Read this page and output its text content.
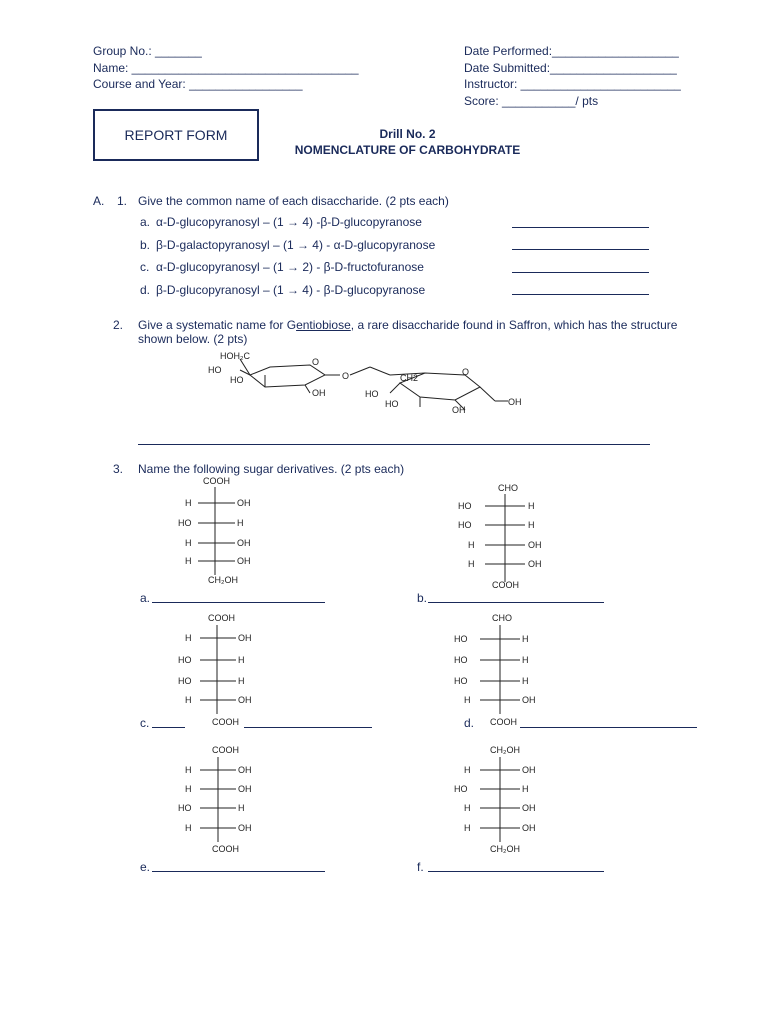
Group No.: _______
Name: __________________________________
Course and Year: _________________
Date Performed:___________________
Date Submitted:___________________
Instructor: ________________________
Score: ___________/ pts
REPORT FORM	Drill No. 2
NOMENCLATURE OF CARBOHYDRATE
A. 1. Give the common name of each disaccharide. (2 pts each)
a. α-D-glucopyranosyl – (1 → 4) -β-D-glucopyranose
b. β-D-galactopyranosyl – (1 → 4) - α-D-glucopyranose
c. α-D-glucopyranosyl – (1 → 2) - β-D-fructofuranose
d. β-D-glucopyranosyl – (1 → 4) - β-D-glucopyranose
2. Give a systematic name for Gentiobiose, a rare disaccharide found in Saffron, which has the structure
shown below. (2 pts)
HOH₂C
HO
HO
O
OH
O	CH2
O
HO
HO
OH
OH
3. Name the following sugar derivatives. (2 pts each)
COOH
H	OH
HO	H
H	OH
H	OH
CH₂OH
a.
CHO
HO	H
HO	H
H	OH
H	OH
COOH
b.
COOH
H	OH
HO	H
HO	H
H	OH
COOH
c.
CHO
HO	H
HO	H
HO	H
H	OH
COOH
d.
COOH
H	OH
H	OH
HO	H
H	OH
COOH
e.
CH₂OH
H	OH
HO	H
H	OH
H	OH
CH₂OH
f.
